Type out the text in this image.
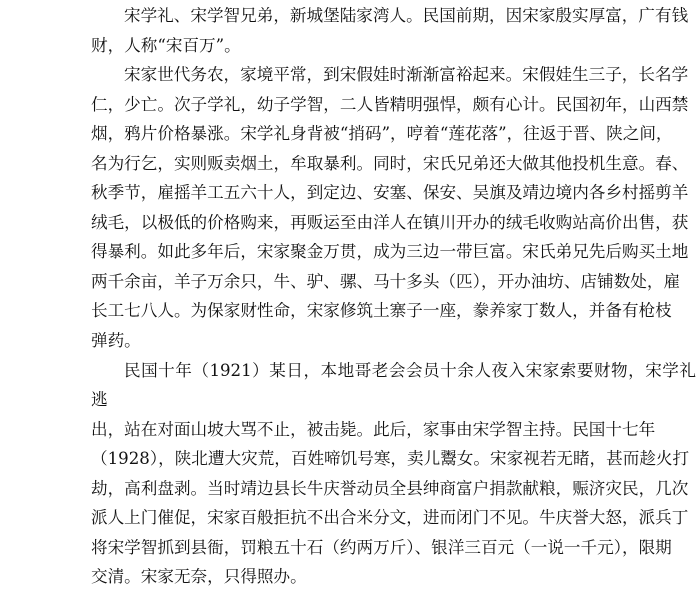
宋学礼、宋学智兄弟，新城堡陆家湾人。民国前期，因宋家殷实厚富，广有钱
财，人称“宋百万”。

宋家世代务农，家境平常，到宋假娃时渐渐富裕起来。宋假娃生三子，长名学
仁，少亡。次子学礼，幼子学智，二人皆精明强悍，颇有心计。民国初年，山西禁
烟，鸦片价格暴涨。宋学礼身背被“捎码”，哼着“莲花落”，往返于晋、陕之间，
名为行乞，实则贩卖烟土，牟取暴利。同时，宋氏兄弟还大做其他投机生意。春、
秋季节，雇摇羊工五六十人，到定边、安塞、保安、吴旗及靖边境内各乡村摇剪羊
绒毛，以极低的价格购来，再贩运至由洋人在镇川开办的绒毛收购站高价出售，获
得暴利。如此多年后，宋家聚金万贯，成为三边一带巨富。宋氏弟兄先后购买土地
两千余亩，羊子万余只，牛、驴、骡、马十多头（匹），开办油坊、店铺数处，雇
长工七八人。为保家财性命，宋家修筑土寨子一座，豢养家丁数人，并备有枪枝
弹药。

民国十年（1921）某日，本地哥老会会员十余人夜入宋家索要财物，宋学礼逃
出，站在对面山坡大骂不止，被击毙。此后，家事由宋学智主持。民国十七年
（1928），陕北遭大灾荒，百姓啼饥号寒，卖儿鬻女。宋家视若无睹，甚而趁火打
劫，高利盘剥。当时靖边县长牛庆誉动员全县绅商富户捐款献粮，赈济灾民，几次
派人上门催促，宋家百般拒抗不出合米分文，进而闭门不见。牛庆誉大怒，派兵丁
将宋学智抓到县衙，罚粮五十石（约两万斤）、银洋三百元（一说一千元），限期
交清。宋家无奈，只得照办。
